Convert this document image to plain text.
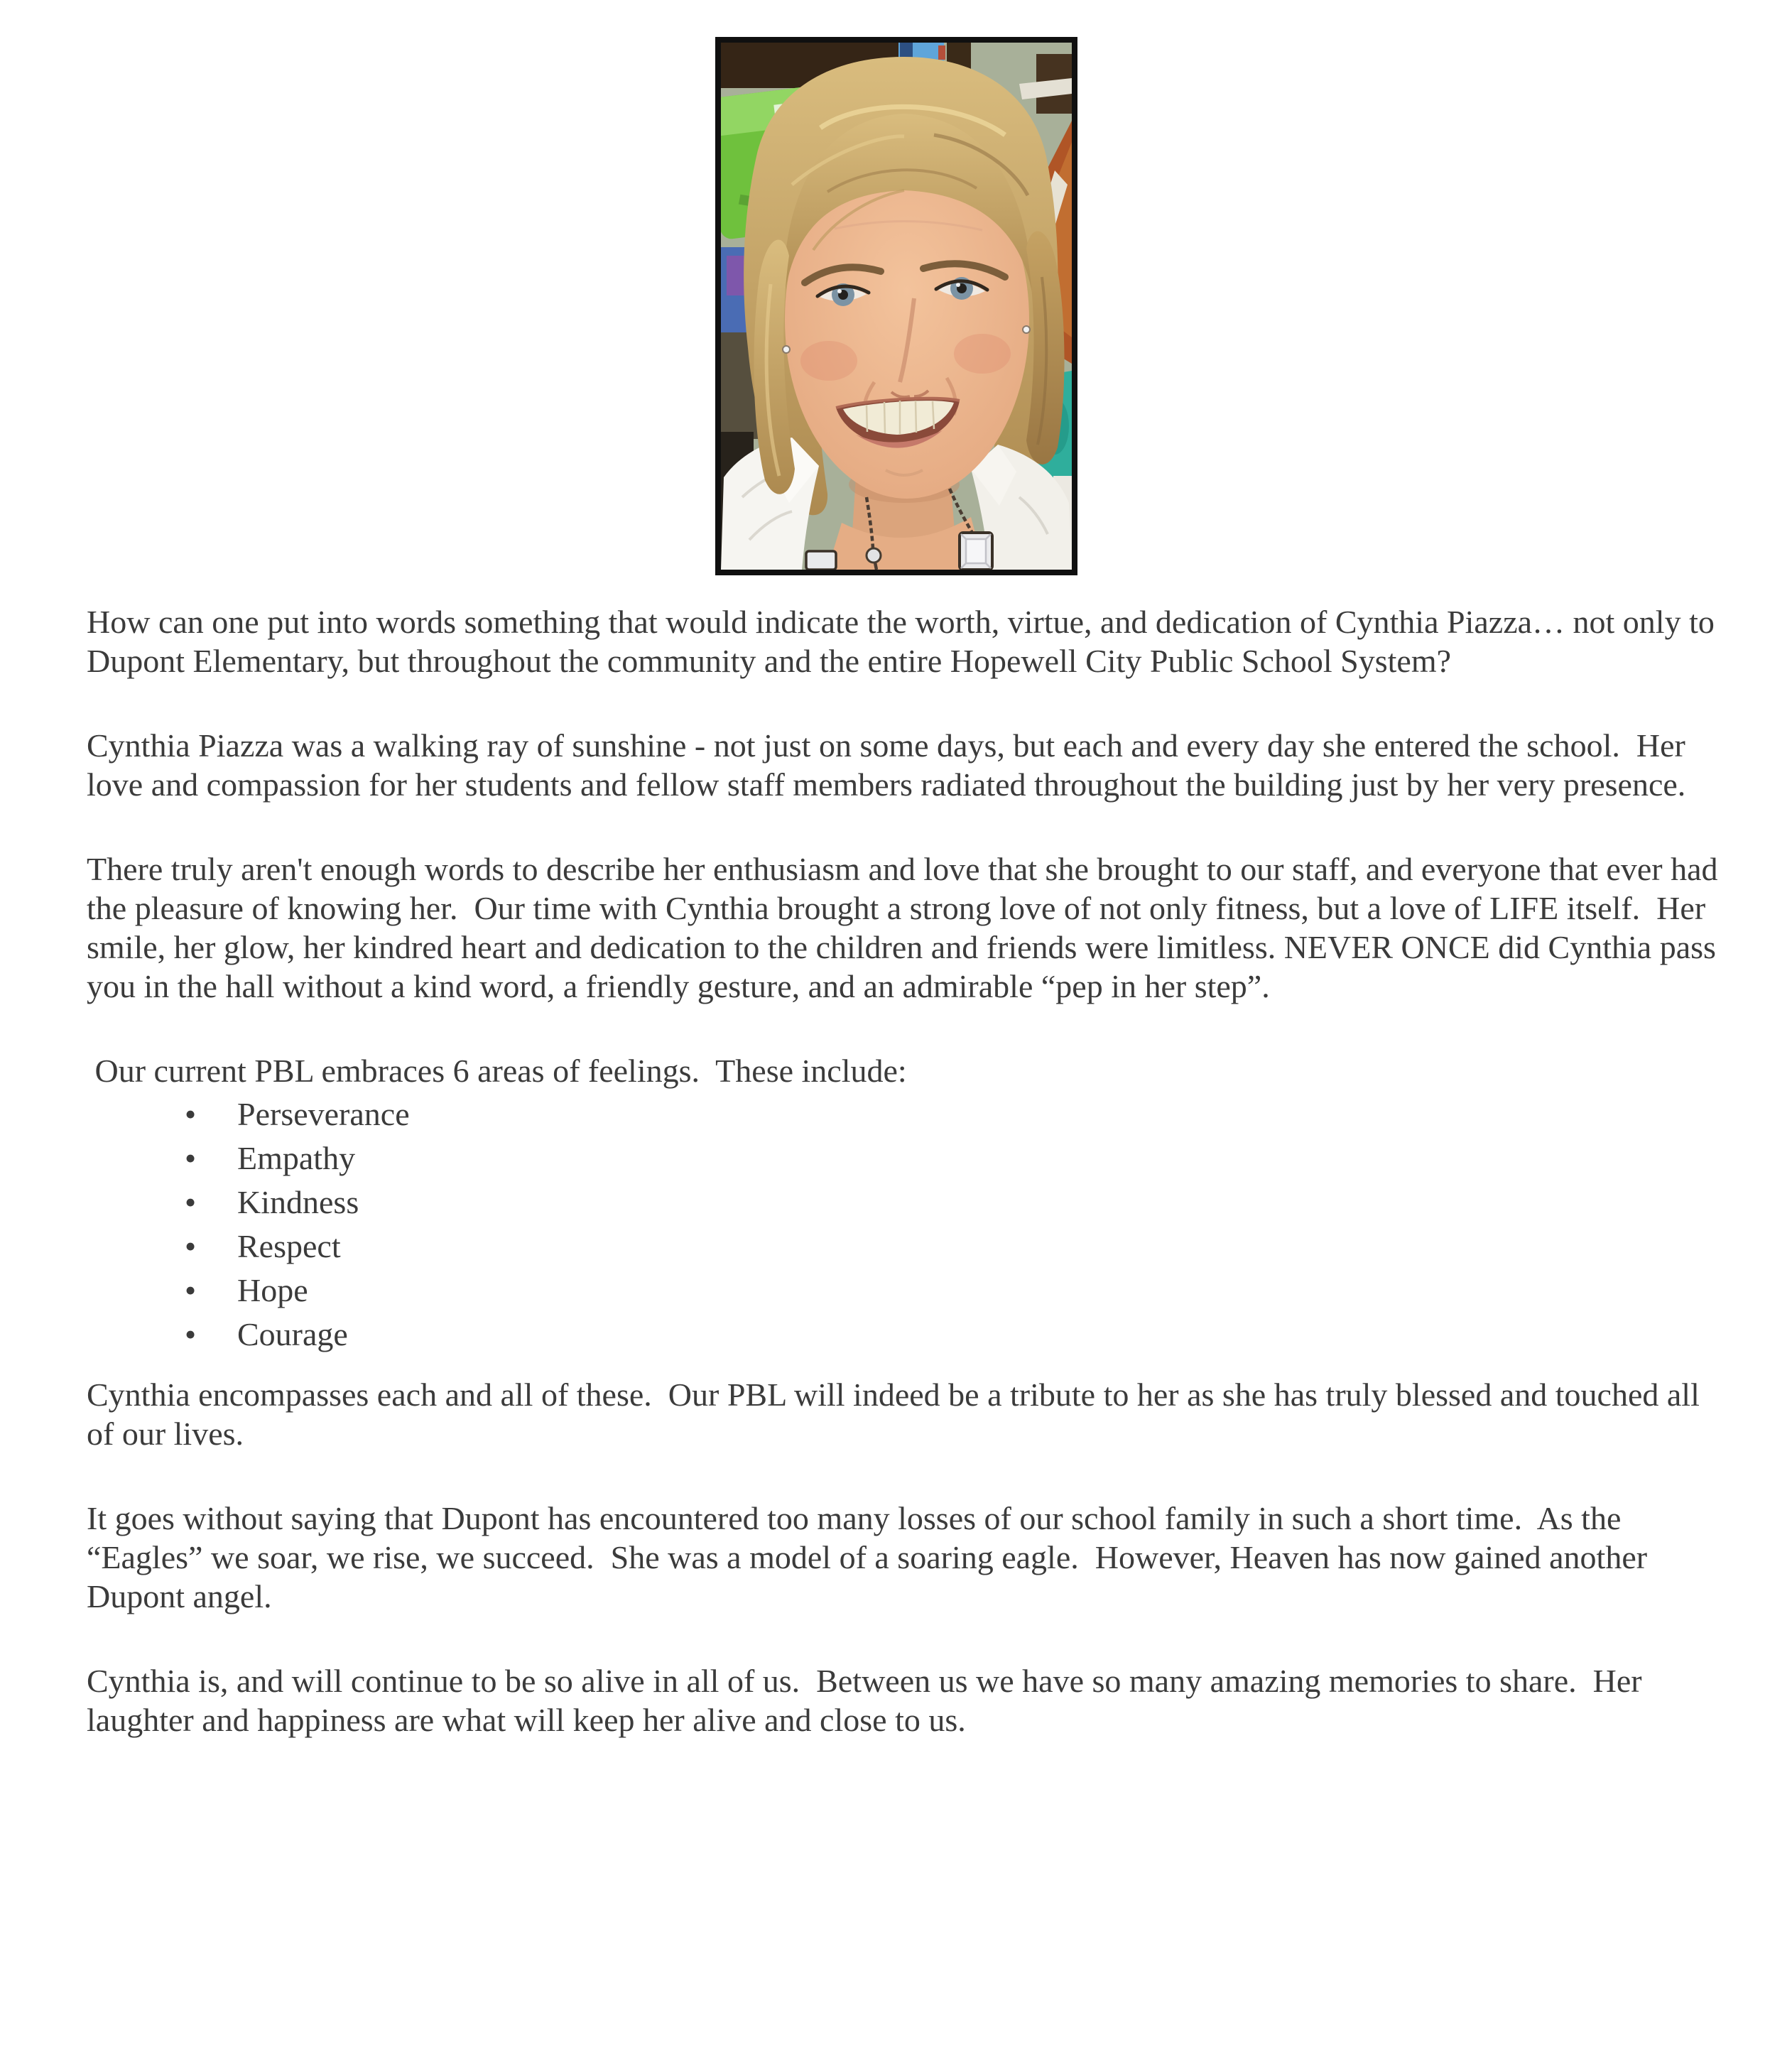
How can one put into words something that would indicate the worth, virtue, and dedication of Cynthia Piazza… not only to Dupont Elementary, but throughout the community and the entire Hopewell City Public School System?

Cynthia Piazza was a walking ray of sunshine - not just on some days, but each and every day she entered the school.  Her love and compassion for her students and fellow staff members radiated throughout the building just by her very presence.

There truly aren't enough words to describe her enthusiasm and love that she brought to our staff, and everyone that ever had the pleasure of knowing her.  Our time with Cynthia brought a strong love of not only fitness, but a love of LIFE itself.  Her smile, her glow, her kindred heart and dedication to the children and friends were limitless. NEVER ONCE did Cynthia pass you in the hall without a kind word, a friendly gesture, and an admirable “pep in her step”.

Our current PBL embraces 6 areas of feelings.  These include:

• Perseverance
• Empathy
• Kindness
• Respect
• Hope
• Courage

Cynthia encompasses each and all of these.  Our PBL will indeed be a tribute to her as she has truly blessed and touched all of our lives.

It goes without saying that Dupont has encountered too many losses of our school family in such a short time.  As the “Eagles” we soar, we rise, we succeed.  She was a model of a soaring eagle.  However, Heaven has now gained another Dupont angel.

Cynthia is, and will continue to be so alive in all of us.  Between us we have so many amazing memories to share.  Her laughter and happiness are what will keep her alive and close to us.
